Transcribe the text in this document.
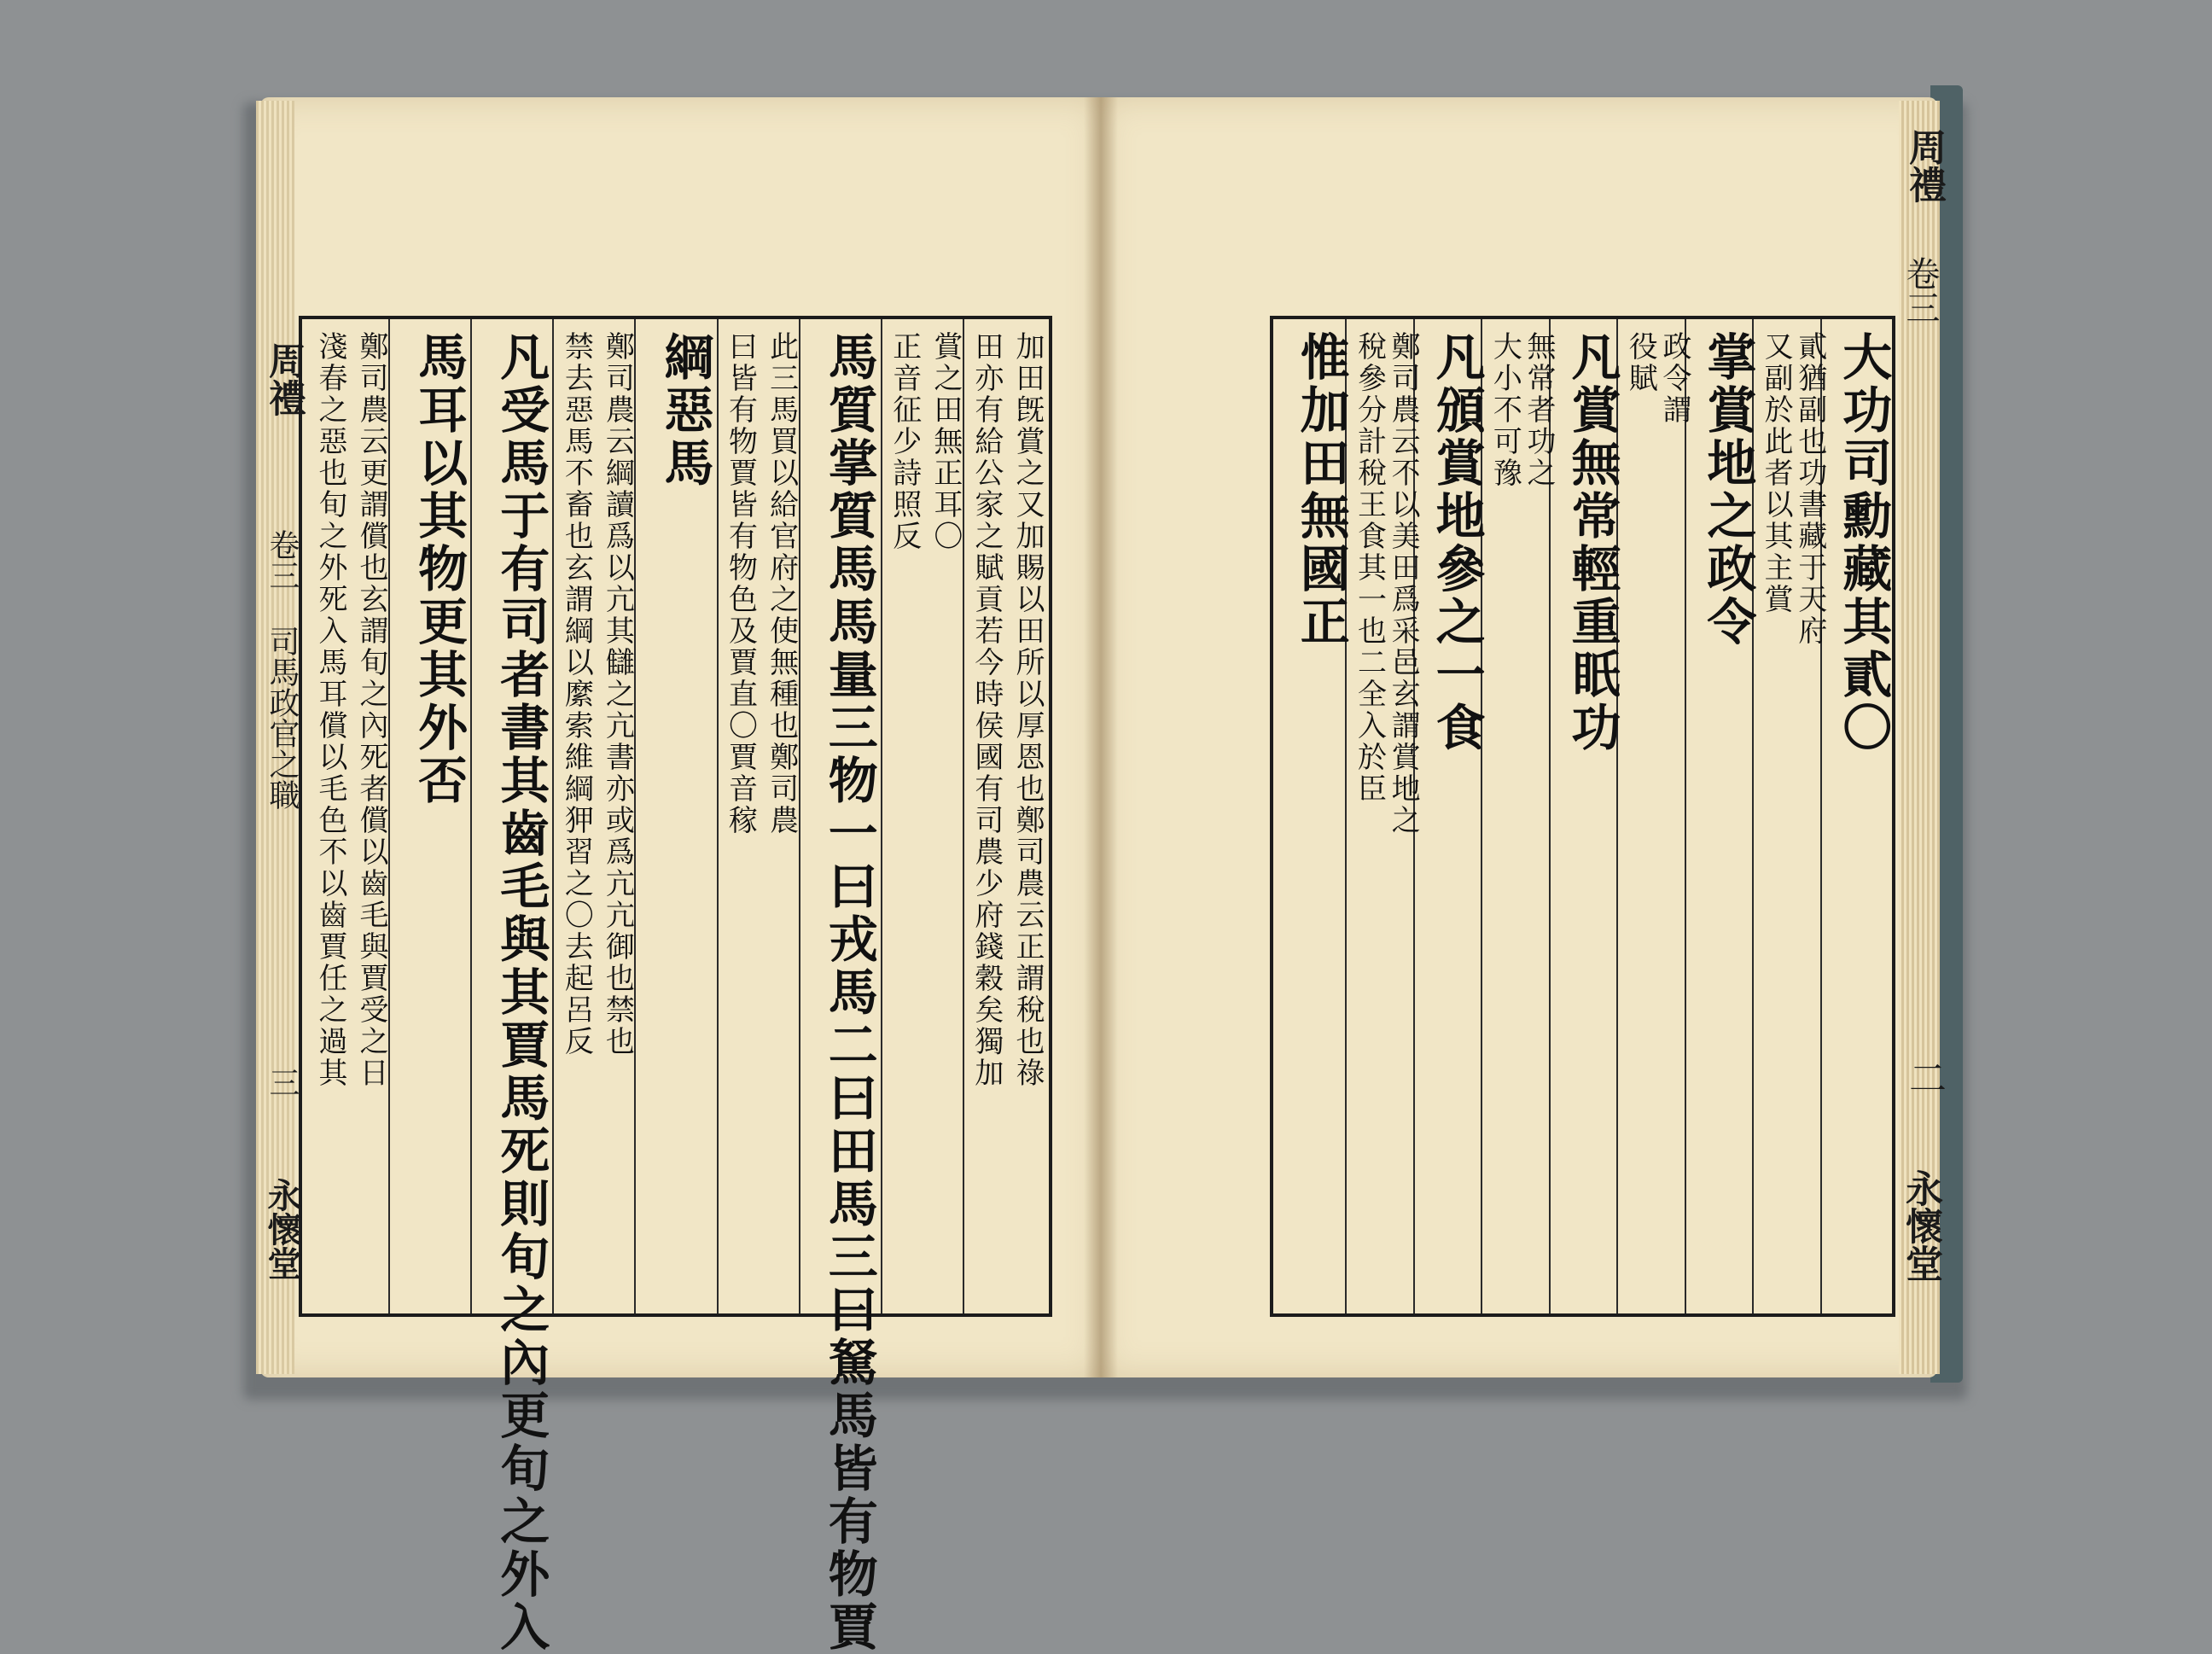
加田旣賞之又加賜以田所以厚恩也鄭司農云正謂稅也祿
田亦有給公家之賦貢若今時侯國有司農少府錢穀矣獨加
賞之田無正耳〇
正音征少詩照反
馬質掌質馬馬量三物一曰戎馬二曰田馬三曰駑馬皆有物賈
此三馬買以給官府之使無種也鄭司農
曰皆有物賈皆有物色及賈直〇賈音稼
綱惡馬
鄭司農云綱讀爲以亢其讎之亢書亦或爲亢亢御也禁也
禁去惡馬不畜也玄謂綱以縻索維綱狎習之〇去起呂反
凡受馬于有司者書其齒毛與其賈馬死則旬之內更旬之外入
馬耳以其物更其外否
鄭司農云更謂償也玄謂旬之內死者償以齒毛與賈受之日
淺春之惡也旬之外死入馬耳償以毛色不以齒賈任之過其
周禮
卷三 司馬政官之職
三
永懷堂
大功司勳藏其貳〇
貳猶副也功書藏于天府
又副於此者以其主賞
掌賞地之政令
政令謂
役賦
凡賞無常輕重眂功
無常者功之
大小不可豫
凡頒賞地參之一食
鄭司農云不以美田爲采邑玄謂賞地之
稅參分計稅王食其一也二全入於臣
惟加田無國正
周禮
卷三
二
永懷堂
